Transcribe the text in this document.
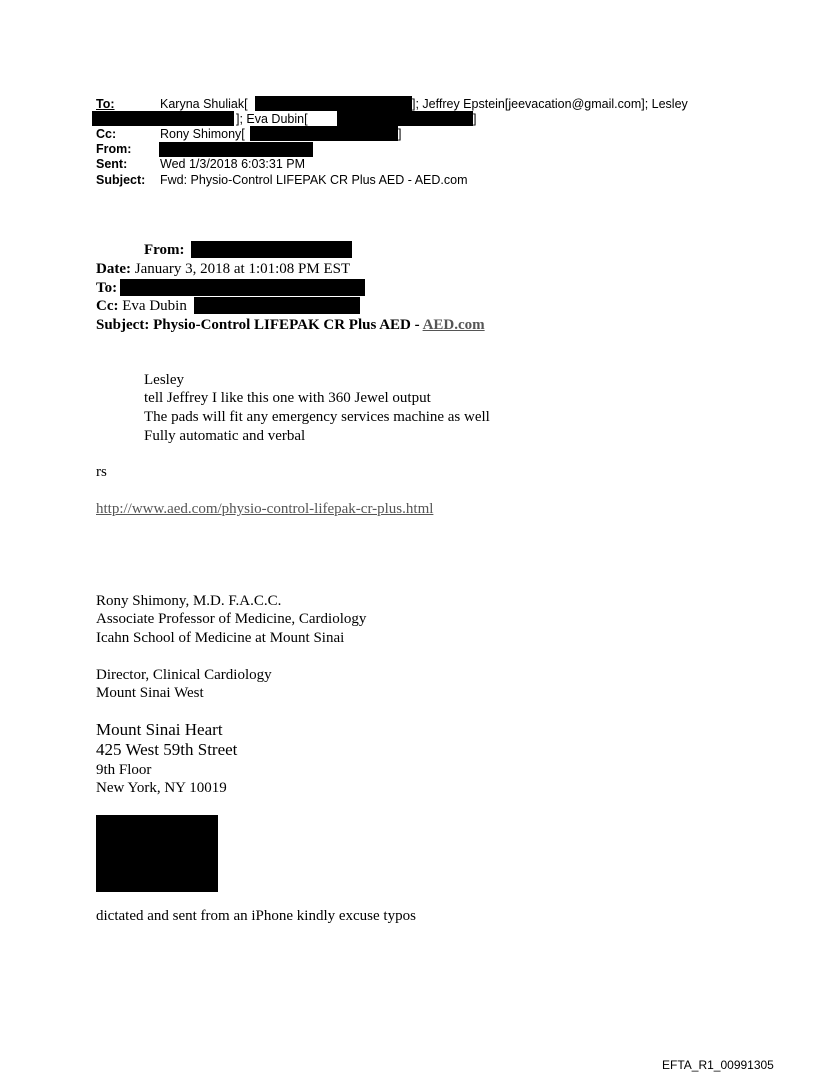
To:	Karyna Shuliak[	]; Jeffrey Epstein[jeevacation@gmail.com]; Lesley
]; Eva Dubin[	]
Cc:	Rony Shimony[	]
From:
Sent:	Wed 1/3/2018 6:03:31 PM
Subject: Fwd: Physio-Control LIFEPAK CR Plus AED - AED.com
From:
Date: January 3, 2018 at 1:01:08 PM EST
To:
Cc: Eva Dubin
Subject: Physio-Control LIFEPAK CR Plus AED - AED.com
Lesley
tell Jeffrey I like this one with 360 Jewel output
The pads will fit any emergency services machine as well
Fully automatic and verbal
rs
http://www.aed.com/physio-control-lifepak-cr-plus.html
Rony Shimony, M.D. F.A.C.C.
Associate Professor of Medicine, Cardiology
Icahn School of Medicine at Mount Sinai
Director, Clinical Cardiology
Mount Sinai West
Mount Sinai Heart
425 West 59th Street
9th Floor
New York, NY 10019
dictated and sent from an iPhone kindly excuse typos
EFTA_R1_00991305
